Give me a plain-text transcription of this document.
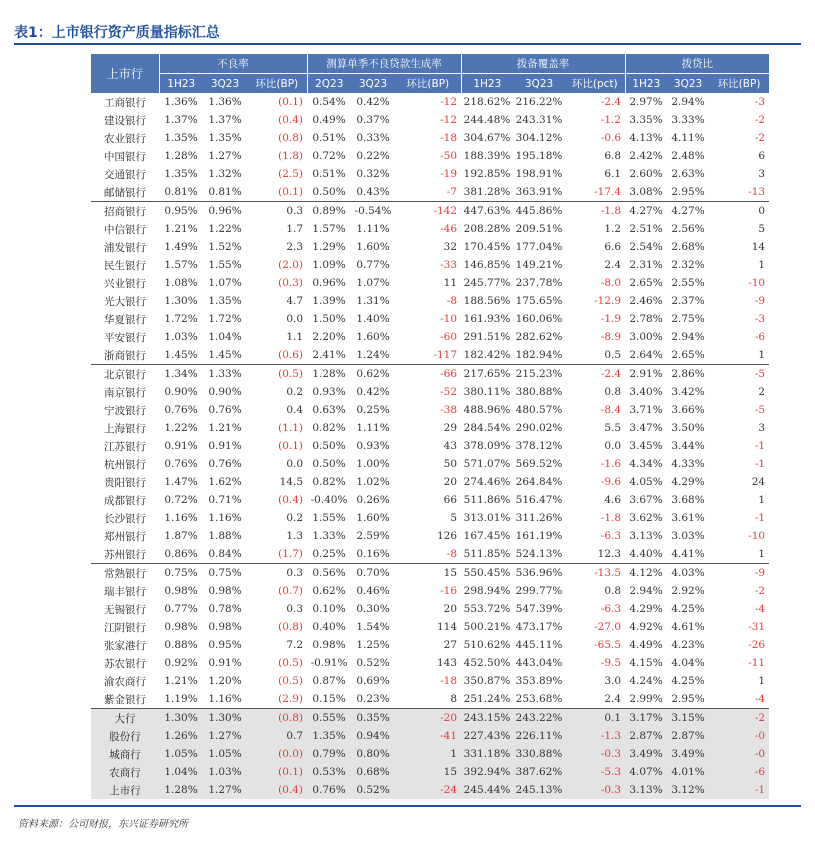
表1：上市银行资产质量指标汇总
上市行	不良率			测算单季不良贷款生成率			拨备覆盖率			拨贷比		
	1H23	3Q23	环比(BP)	2Q23	3Q23	环比(BP)	1H23	3Q23	环比(pct)	1H23	3Q23	环比(BP)
工商银行	1.36%	1.36%	(0.1)	0.54%	0.42%	-12	218.62%	216.22%	-2.4	2.97%	2.94%	-3
建设银行	1.37%	1.37%	(0.4)	0.49%	0.37%	-12	244.48%	243.31%	-1.2	3.35%	3.33%	-2
农业银行	1.35%	1.35%	(0.8)	0.51%	0.33%	-18	304.67%	304.12%	-0.6	4.13%	4.11%	-2
中国银行	1.28%	1.27%	(1.8)	0.72%	0.22%	-50	188.39%	195.18%	6.8	2.42%	2.48%	6
交通银行	1.35%	1.32%	(2.5)	0.51%	0.32%	-19	192.85%	198.91%	6.1	2.60%	2.63%	3
邮储银行	0.81%	0.81%	(0.1)	0.50%	0.43%	-7	381.28%	363.91%	-17.4	3.08%	2.95%	-13
招商银行	0.95%	0.96%	0.3	0.89%	-0.54%	-142	447.63%	445.86%	-1.8	4.27%	4.27%	0
中信银行	1.21%	1.22%	1.7	1.57%	1.11%	-46	208.28%	209.51%	1.2	2.51%	2.56%	5
浦发银行	1.49%	1.52%	2.3	1.29%	1.60%	32	170.45%	177.04%	6.6	2.54%	2.68%	14
民生银行	1.57%	1.55%	(2.0)	1.09%	0.77%	-33	146.85%	149.21%	2.4	2.31%	2.32%	1
兴业银行	1.08%	1.07%	(0.3)	0.96%	1.07%	11	245.77%	237.78%	-8.0	2.65%	2.55%	-10
光大银行	1.30%	1.35%	4.7	1.39%	1.31%	-8	188.56%	175.65%	-12.9	2.46%	2.37%	-9
华夏银行	1.72%	1.72%	0.0	1.50%	1.40%	-10	161.93%	160.06%	-1.9	2.78%	2.75%	-3
平安银行	1.03%	1.04%	1.1	2.20%	1.60%	-60	291.51%	282.62%	-8.9	3.00%	2.94%	-6
浙商银行	1.45%	1.45%	(0.6)	2.41%	1.24%	-117	182.42%	182.94%	0.5	2.64%	2.65%	1
北京银行	1.34%	1.33%	(0.5)	1.28%	0.62%	-66	217.65%	215.23%	-2.4	2.91%	2.86%	-5
南京银行	0.90%	0.90%	0.2	0.93%	0.42%	-52	380.11%	380.88%	0.8	3.40%	3.42%	2
宁波银行	0.76%	0.76%	0.4	0.63%	0.25%	-38	488.96%	480.57%	-8.4	3.71%	3.66%	-5
上海银行	1.22%	1.21%	(1.1)	0.82%	1.11%	29	284.54%	290.02%	5.5	3.47%	3.50%	3
江苏银行	0.91%	0.91%	(0.1)	0.50%	0.93%	43	378.09%	378.12%	0.0	3.45%	3.44%	-1
杭州银行	0.76%	0.76%	0.0	0.50%	1.00%	50	571.07%	569.52%	-1.6	4.34%	4.33%	-1
贵阳银行	1.47%	1.62%	14.5	0.82%	1.02%	20	274.46%	264.84%	-9.6	4.05%	4.29%	24
成都银行	0.72%	0.71%	(0.4)	-0.40%	0.26%	66	511.86%	516.47%	4.6	3.67%	3.68%	1
长沙银行	1.16%	1.16%	0.2	1.55%	1.60%	5	313.01%	311.26%	-1.8	3.62%	3.61%	-1
郑州银行	1.87%	1.88%	1.3	1.33%	2.59%	126	167.45%	161.19%	-6.3	3.13%	3.03%	-10
苏州银行	0.86%	0.84%	(1.7)	0.25%	0.16%	-8	511.85%	524.13%	12.3	4.40%	4.41%	1
常熟银行	0.75%	0.75%	0.3	0.56%	0.70%	15	550.45%	536.96%	-13.5	4.12%	4.03%	-9
瑞丰银行	0.98%	0.98%	(0.7)	0.62%	0.46%	-16	298.94%	299.77%	0.8	2.94%	2.92%	-2
无锡银行	0.77%	0.78%	0.3	0.10%	0.30%	20	553.72%	547.39%	-6.3	4.29%	4.25%	-4
江阴银行	0.98%	0.98%	(0.8)	0.40%	1.54%	114	500.21%	473.17%	-27.0	4.92%	4.61%	-31
张家港行	0.88%	0.95%	7.2	0.98%	1.25%	27	510.62%	445.11%	-65.5	4.49%	4.23%	-26
苏农银行	0.92%	0.91%	(0.5)	-0.91%	0.52%	143	452.50%	443.04%	-9.5	4.15%	4.04%	-11
渝农商行	1.21%	1.20%	(0.5)	0.87%	0.69%	-18	350.87%	353.89%	3.0	4.24%	4.25%	1
紫金银行	1.19%	1.16%	(2.9)	0.15%	0.23%	8	251.24%	253.68%	2.4	2.99%	2.95%	-4
大行	1.30%	1.30%	(0.8)	0.55%	0.35%	-20	243.15%	243.22%	0.1	3.17%	3.15%	-2
股份行	1.26%	1.27%	0.7	1.35%	0.94%	-41	227.43%	226.11%	-1.3	2.87%	2.87%	-0
城商行	1.05%	1.05%	(0.0)	0.79%	0.80%	1	331.18%	330.88%	-0.3	3.49%	3.49%	-0
农商行	1.04%	1.03%	(0.1)	0.53%	0.68%	15	392.94%	387.62%	-5.3	4.07%	4.01%	-6
上市行	1.28%	1.27%	(0.4)	0.76%	0.52%	-24	245.44%	245.13%	-0.3	3.13%	3.12%	-1
资料来源：公司财报，东兴证券研究所
